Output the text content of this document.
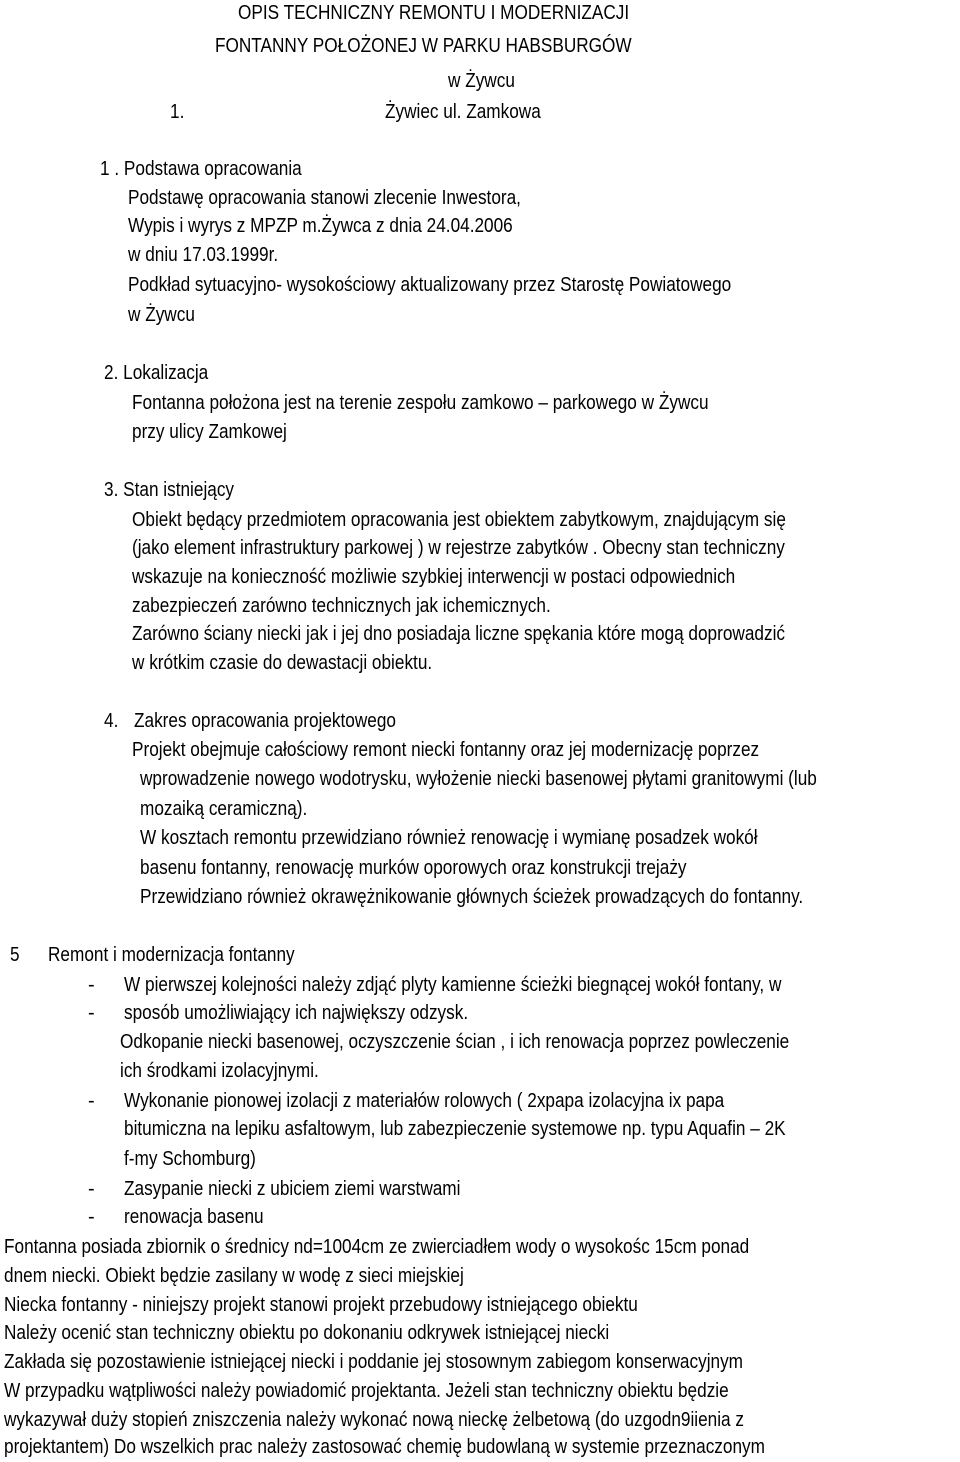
OPIS TECHNICZNY REMONTU I MODERNIZACJI
FONTANNY POŁOŻONEJ W PARKU HABSBURGÓW
w Żywcu
1.	Żywiec ul. Zamkowa
1 . Podstawa opracowania
Podstawę opracowania stanowi zlecenie Inwestora,
Wypis i wyrys z MPZP m.Żywca z dnia 24.04.2006
w dniu 17.03.1999r.
Podkład sytuacyjno- wysokościowy aktualizowany przez Starostę Powiatowego
w Żywcu
2. Lokalizacja
Fontanna położona jest na terenie zespołu zamkowo – parkowego w Żywcu
przy ulicy Zamkowej
3. Stan istniejący
Obiekt będący przedmiotem opracowania jest obiektem zabytkowym, znajdującym się
(jako element infrastruktury parkowej ) w rejestrze zabytków . Obecny stan techniczny
wskazuje na konieczność możliwie szybkiej interwencji w postaci odpowiednich
zabezpieczeń zarówno technicznych jak ichemicznych.
Zarówno ściany niecki jak i jej dno posiadaja liczne spękania które mogą doprowadzić
w krótkim czasie do dewastacji obiektu.
4. Zakres opracowania projektowego
Projekt obejmuje całościowy remont niecki fontanny oraz jej modernizację poprzez
wprowadzenie nowego wodotrysku, wyłożenie niecki basenowej płytami granitowymi (lub
mozaiką ceramiczną).
W kosztach remontu przewidziano również renowację i wymianę posadzek wokół
basenu fontanny, renowację murków oporowych oraz konstrukcji trejaży
Przewidziano również okrawężnikowanie głównych ścieżek prowadzących do fontanny.
5 Remont i modernizacja fontanny
- W pierwszej kolejności należy zdjąć plyty kamienne ścieżki biegnącej wokół fontany, w
- sposób umożliwiający ich największy odzysk.
Odkopanie niecki basenowej, oczyszczenie ścian , i ich renowacja poprzez powleczenie
ich środkami izolacyjnymi.
- Wykonanie pionowej izolacji z materiałów rolowych ( 2xpapa izolacyjna ix papa
bitumiczna na lepiku asfaltowym, lub zabezpieczenie systemowe np. typu Aquafin – 2K
f-my Schomburg)
- Zasypanie niecki z ubiciem ziemi warstwami
- renowacja basenu
Fontanna posiada zbiornik o średnicy nd=1004cm ze zwierciadłem wody o wysokośc 15cm ponad
dnem niecki. Obiekt będzie zasilany w wodę z sieci miejskiej
Niecka fontanny - niniejszy projekt stanowi projekt przebudowy istniejącego obiektu
Należy ocenić stan techniczny obiektu po dokonaniu odkrywek istniejącej niecki
Zakłada się pozostawienie istniejącej niecki i poddanie jej stosownym zabiegom konserwacyjnym
W przypadku wątpliwości należy powiadomić projektanta. Jeżeli stan techniczny obiektu będzie
wykazywał duży stopień zniszczenia należy wykonać nową nieckę żelbetową (do uzgodn9iienia z
projektantem) Do wszelkich prac należy zastosować chemię budowlaną w systemie przeznaczonym
